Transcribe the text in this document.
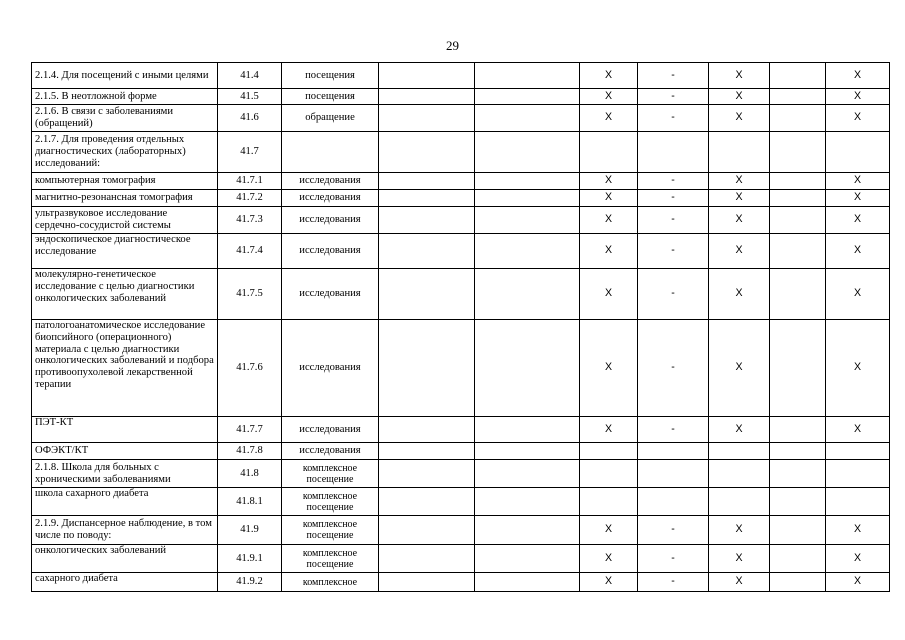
29
2.1.4. Для посещений с иными целями	41.4	посещения			X	-	X		X
2.1.5. В неотложной форме	41.5	посещения			X	-	X		X
2.1.6. В связи с заболеваниями (обращений)	41.6	обращение			X	-	X		X
2.1.7. Для проведения отдельных диагностических (лабораторных) исследований:	41.7								
компьютерная томография	41.7.1	исследования			X	-	X		X
магнитно-резонансная томография	41.7.2	исследования			X	-	X		X
ультразвуковое исследование сердечно-сосудистой системы	41.7.3	исследования			X	-	X		X
эндоскопическое диагностическое исследование	41.7.4	исследования			X	-	X		X
молекулярно-генетическое исследование с целью диагностики онкологических заболеваний	41.7.5	исследования			X	-	X		X
патологоанатомическое исследование биопсийного (операционного) материала с целью диагностики онкологических заболеваний и подбора противоопухолевой лекарственной терапии	41.7.6	исследования			X	-	X		X
ПЭТ-КТ	41.7.7	исследования			X	-	X		X
ОФЭКТ/КТ	41.7.8	исследования							
2.1.8. Школа для больных с хроническими заболеваниями	41.8	комплексное посещение							
школа сахарного диабета	41.8.1	комплексное посещение							
2.1.9. Диспансерное наблюдение, в том числе по поводу:	41.9	комплексное посещение			X	-	X		X
онкологических заболеваний	41.9.1	комплексное посещение			X	-	X		X
сахарного диабета	41.9.2	комплексное			X	-	X		X
